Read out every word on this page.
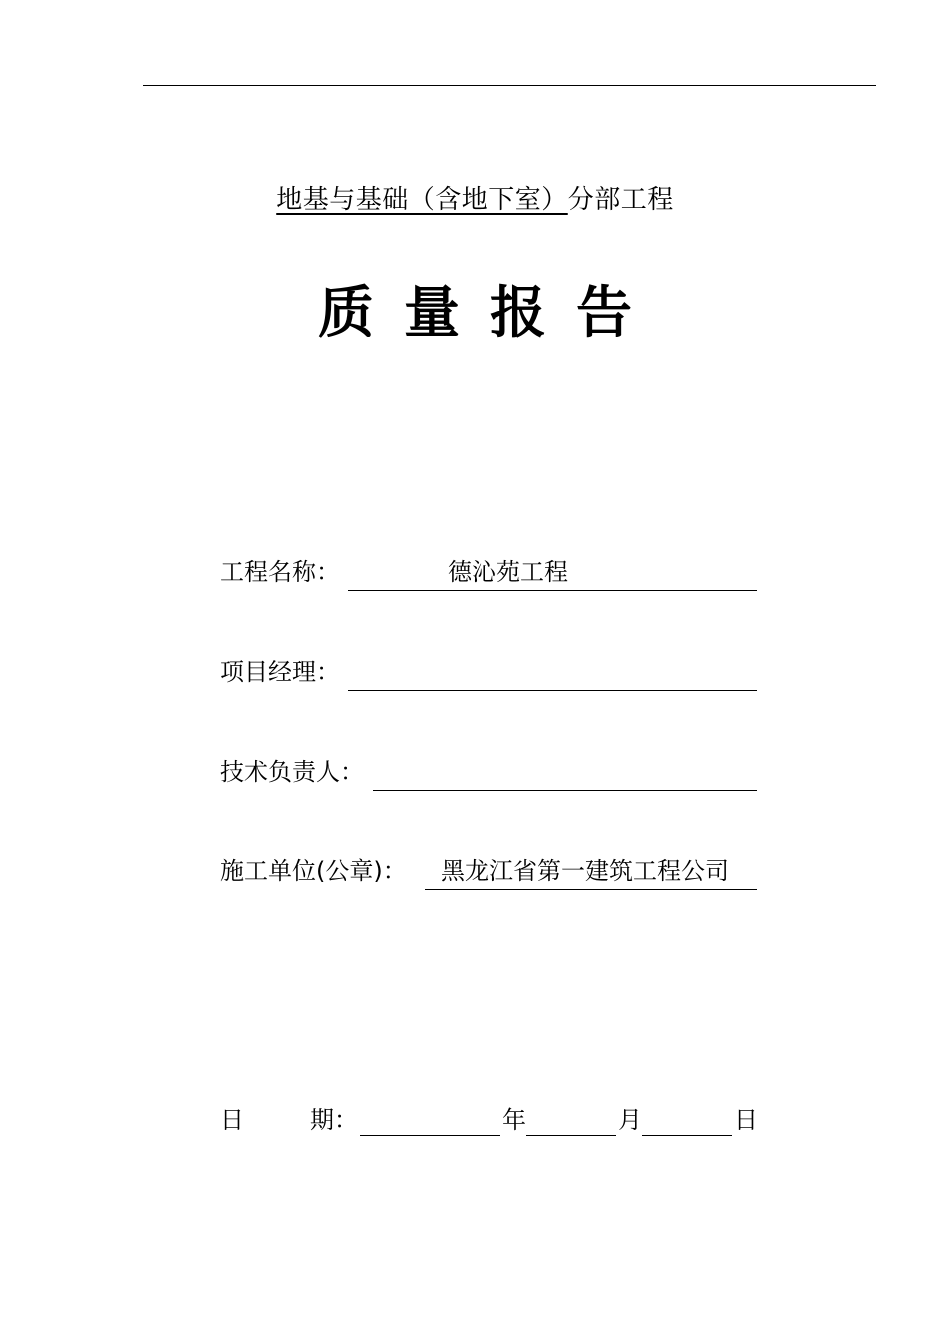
地基与基础（含地下室）分部工程
质量报告
工程名称：	德沁苑工程
项目经理：
技术负责人：
施工单位(公章)：	黑龙江省第一建筑工程公司
日	期：	年	月	日
